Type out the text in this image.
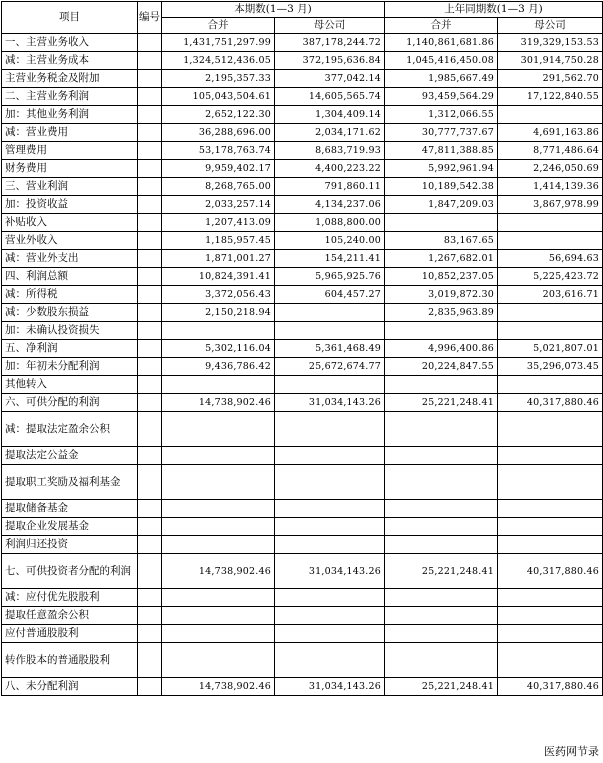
项目	编号	本期数(1—3 月)		上年同期数(1—3 月)	
		合并	母公司	合并	母公司
一、主营业务收入		1,431,751,297.99	387,178,244.72	1,140,861,681.86	319,329,153.53
减：主营业务成本		1,324,512,436.05	372,195,636.84	1,045,416,450.08	301,914,750.28
主营业务税金及附加		2,195,357.33	377,042.14	1,985,667.49	291,562.70
二、主营业务利润		105,043,504.61	14,605,565.74	93,459,564.29	17,122,840.55
加：其他业务利润		2,652,122.30	1,304,409.14	1,312,066.55	
减：营业费用		36,288,696.00	2,034,171.62	30,777,737.67	4,691,163.86
管理费用		53,178,763.74	8,683,719.93	47,811,388.85	8,771,486.64
财务费用		9,959,402.17	4,400,223.22	5,992,961.94	2,246,050.69
三、营业利润		8,268,765.00	791,860.11	10,189,542.38	1,414,139.36
加：投资收益		2,033,257.14	4,134,237.06	1,847,209.03	3,867,978.99
补贴收入		1,207,413.09	1,088,800.00		
营业外收入		1,185,957.45	105,240.00	83,167.65	
减：营业外支出		1,871,001.27	154,211.41	1,267,682.01	56,694.63
四、利润总额		10,824,391.41	5,965,925.76	10,852,237.05	5,225,423.72
减：所得税		3,372,056.43	604,457.27	3,019,872.30	203,616.71
减：少数股东损益		2,150,218.94		2,835,963.89	
加：未确认投资损失					
五、净利润		5,302,116.04	5,361,468.49	4,996,400.86	5,021,807.01
加：年初未分配利润		9,436,786.42	25,672,674.77	20,224,847.55	35,296,073.45
其他转入					
六、可供分配的利润		14,738,902.46	31,034,143.26	25,221,248.41	40,317,880.46
减：提取法定盈余公积					
提取法定公益金					
提取职工奖励及福利基金					
提取储备基金					
提取企业发展基金					
利润归还投资					
七、可供投资者分配的利润		14,738,902.46	31,034,143.26	25,221,248.41	40,317,880.46
减：应付优先股股利					
提取任意盈余公积					
应付普通股股利					
转作股本的普通股股利					
八、未分配利润		14,738,902.46	31,034,143.26	25,221,248.41	40,317,880.46
医药网节录
